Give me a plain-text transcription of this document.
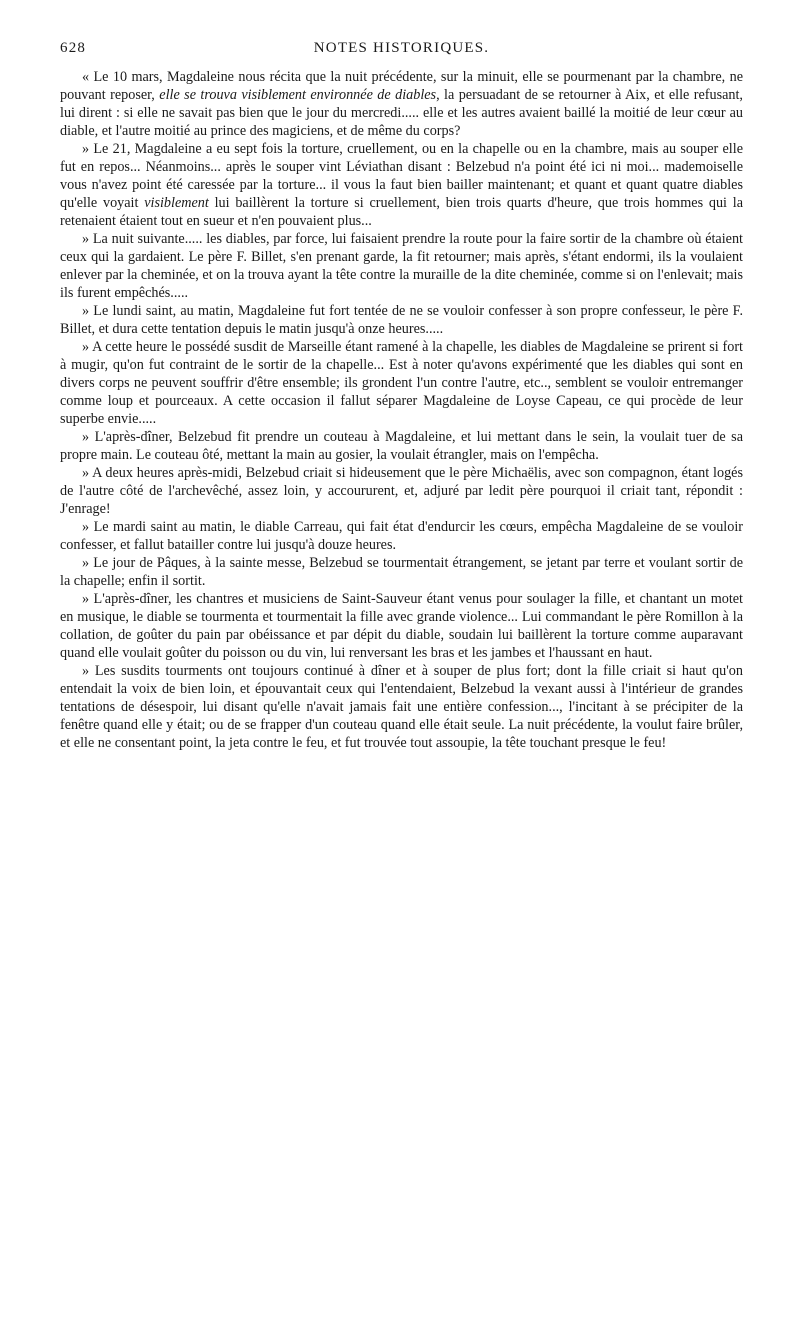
628	NOTES HISTORIQUES.

« Le 10 mars, Magdaleine nous récita que la nuit précédente, sur la minuit, elle se pourmenant par la chambre, ne pouvant reposer, elle se trouva visiblement environnée de diables, la persuadant de se retourner à Aix, et elle refusant, lui dirent : si elle ne savait pas bien que le jour du mercredi..... elle et les autres avaient baillé la moitié de leur cœur au diable, et l'autre moitié au prince des magiciens, et de même du corps?

» Le 21, Magdaleine a eu sept fois la torture, cruellement, ou en la chapelle ou en la chambre, mais au souper elle fut en repos... Néanmoins... après le souper vint Léviathan disant : Belzebud n'a point été ici ni moi... mademoiselle vous n'avez point été caressée par la torture... il vous la faut bien bailler maintenant; et quant et quant quatre diables qu'elle voyait visiblement lui baillèrent la torture si cruellement, bien trois quarts d'heure, que trois hommes qui la retenaient étaient tout en sueur et n'en pouvaient plus...

» La nuit suivante..... les diables, par force, lui faisaient prendre la route pour la faire sortir de la chambre où étaient ceux qui la gardaient. Le père F. Billet, s'en prenant garde, la fit retourner; mais après, s'étant endormi, ils la voulaient enlever par la cheminée, et on la trouva ayant la tête contre la muraille de la dite cheminée, comme si on l'enlevait; mais ils furent empêchés.....

» Le lundi saint, au matin, Magdaleine fut fort tentée de ne se vouloir confesser à son propre confesseur, le père F. Billet, et dura cette tentation depuis le matin jusqu'à onze heures.....

» A cette heure le possédé susdit de Marseille étant ramené à la chapelle, les diables de Magdaleine se prirent si fort à mugir, qu'on fut contraint de le sortir de la chapelle... Est à noter qu'avons expérimenté que les diables qui sont en divers corps ne peuvent souffrir d'être ensemble; ils grondent l'un contre l'autre, etc.., semblent se vouloir entremanger comme loup et pourceaux. A cette occasion il fallut séparer Magdaleine de Loyse Capeau, ce qui procède de leur superbe envie.....

» L'après-dîner, Belzebud fit prendre un couteau à Magdaleine, et lui mettant dans le sein, la voulait tuer de sa propre main. Le couteau ôté, mettant la main au gosier, la voulait étrangler, mais on l'empêcha.

» A deux heures après-midi, Belzebud criait si hideusement que le père Michaëlis, avec son compagnon, étant logés de l'autre côté de l'archevêché, assez loin, y accoururent, et, adjuré par ledit père pourquoi il criait tant, répondit : J'enrage!

» Le mardi saint au matin, le diable Carreau, qui fait état d'endurcir les cœurs, empêcha Magdaleine de se vouloir confesser, et fallut batailler contre lui jusqu'à douze heures.

» Le jour de Pâques, à la sainte messe, Belzebud se tourmentait étrangement, se jetant par terre et voulant sortir de la chapelle; enfin il sortit.

» L'après-dîner, les chantres et musiciens de Saint-Sauveur étant venus pour soulager la fille, et chantant un motet en musique, le diable se tourmenta et tourmentait la fille avec grande violence... Lui commandant le père Romillon à la collation, de goûter du pain par obéissance et par dépit du diable, soudain lui baillèrent la torture comme auparavant quand elle voulait goûter du poisson ou du vin, lui renversant les bras et les jambes et l'haussant en haut.

» Les susdits tourments ont toujours continué à dîner et à souper de plus fort; dont la fille criait si haut qu'on entendait la voix de bien loin, et épouvantait ceux qui l'entendaient, Belzebud la vexant aussi à l'intérieur de grandes tentations de désespoir, lui disant qu'elle n'avait jamais fait une entière confession..., l'incitant à se précipiter de la fenêtre quand elle y était; ou de se frapper d'un couteau quand elle était seule. La nuit précédente, la voulut faire brûler, et elle ne consentant point, la jeta contre le feu, et fut trouvée tout assoupie, la tête touchant presque le feu!
